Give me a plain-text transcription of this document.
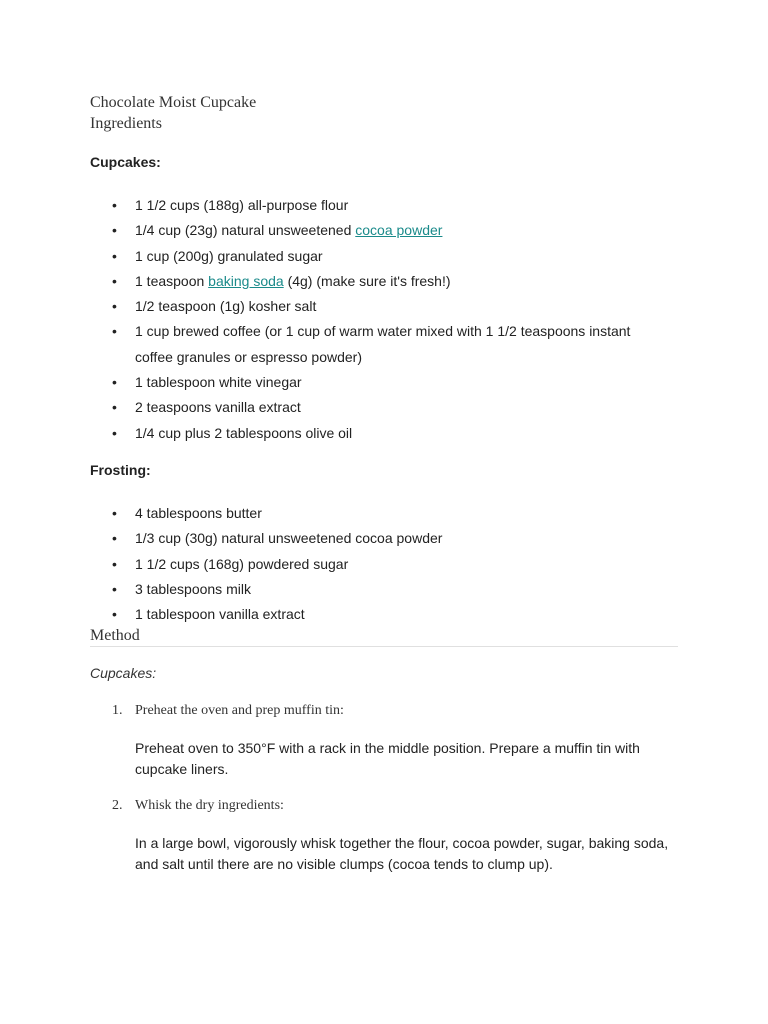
Chocolate Moist Cupcake
Ingredients
Cupcakes:
• 1 1/2 cups (188g) all-purpose flour
• 1/4 cup (23g) natural unsweetened cocoa powder
• 1 cup (200g) granulated sugar
• 1 teaspoon baking soda (4g) (make sure it's fresh!)
• 1/2 teaspoon (1g) kosher salt
• 1 cup brewed coffee (or 1 cup of warm water mixed with 1 1/2 teaspoons instant coffee granules or espresso powder)
• 1 tablespoon white vinegar
• 2 teaspoons vanilla extract
• 1/4 cup plus 2 tablespoons olive oil
Frosting:
• 4 tablespoons butter
• 1/3 cup (30g) natural unsweetened cocoa powder
• 1 1/2 cups (168g) powdered sugar
• 3 tablespoons milk
• 1 tablespoon vanilla extract
Method
Cupcakes:
1. Preheat the oven and prep muffin tin:
Preheat oven to 350°F with a rack in the middle position. Prepare a muffin tin with cupcake liners.
2. Whisk the dry ingredients:
In a large bowl, vigorously whisk together the flour, cocoa powder, sugar, baking soda, and salt until there are no visible clumps (cocoa tends to clump up).
